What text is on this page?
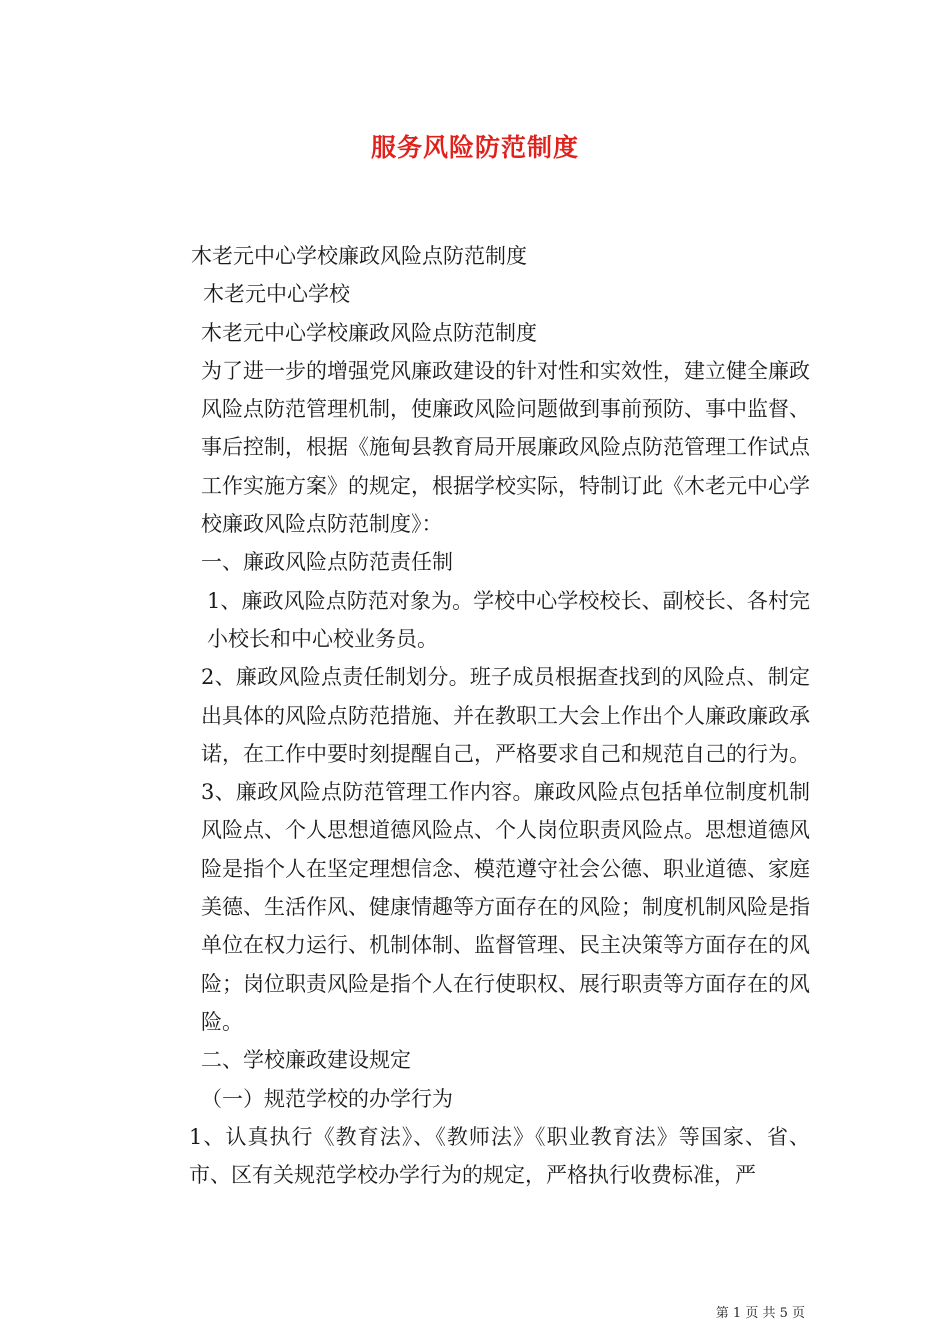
服务风险防范制度

木老元中心学校廉政风险点防范制度

木老元中心学校

木老元中心学校廉政风险点防范制度

为了进一步的增强党风廉政建设的针对性和实效性，建立健全廉政风险点防范管理机制，使廉政风险问题做到事前预防、事中监督、事后控制，根据《施甸县教育局开展廉政风险点防范管理工作试点工作实施方案》的规定，根据学校实际，特制订此《木老元中心学校廉政风险点防范制度》：

一、廉政风险点防范责任制

1、廉政风险点防范对象为。学校中心学校校长、副校长、各村完小校长和中心校业务员。

2、廉政风险点责任制划分。班子成员根据查找到的风险点、制定出具体的风险点防范措施、并在教职工大会上作出个人廉政廉政承诺，在工作中要时刻提醒自己，严格要求自己和规范自己的行为。

3、廉政风险点防范管理工作内容。廉政风险点包括单位制度机制风险点、个人思想道德风险点、个人岗位职责风险点。思想道德风险是指个人在坚定理想信念、模范遵守社会公德、职业道德、家庭美德、生活作风、健康情趣等方面存在的风险；制度机制风险是指单位在权力运行、机制体制、监督管理、民主决策等方面存在的风险；岗位职责风险是指个人在行使职权、展行职责等方面存在的风险。

二、学校廉政建设规定

（一）规范学校的办学行为

1、认真执行《教育法》、《教师法》《职业教育法》等国家、省、市、区有关规范学校办学行为的规定，严格执行收费标准，严

第 1 页 共 5 页
